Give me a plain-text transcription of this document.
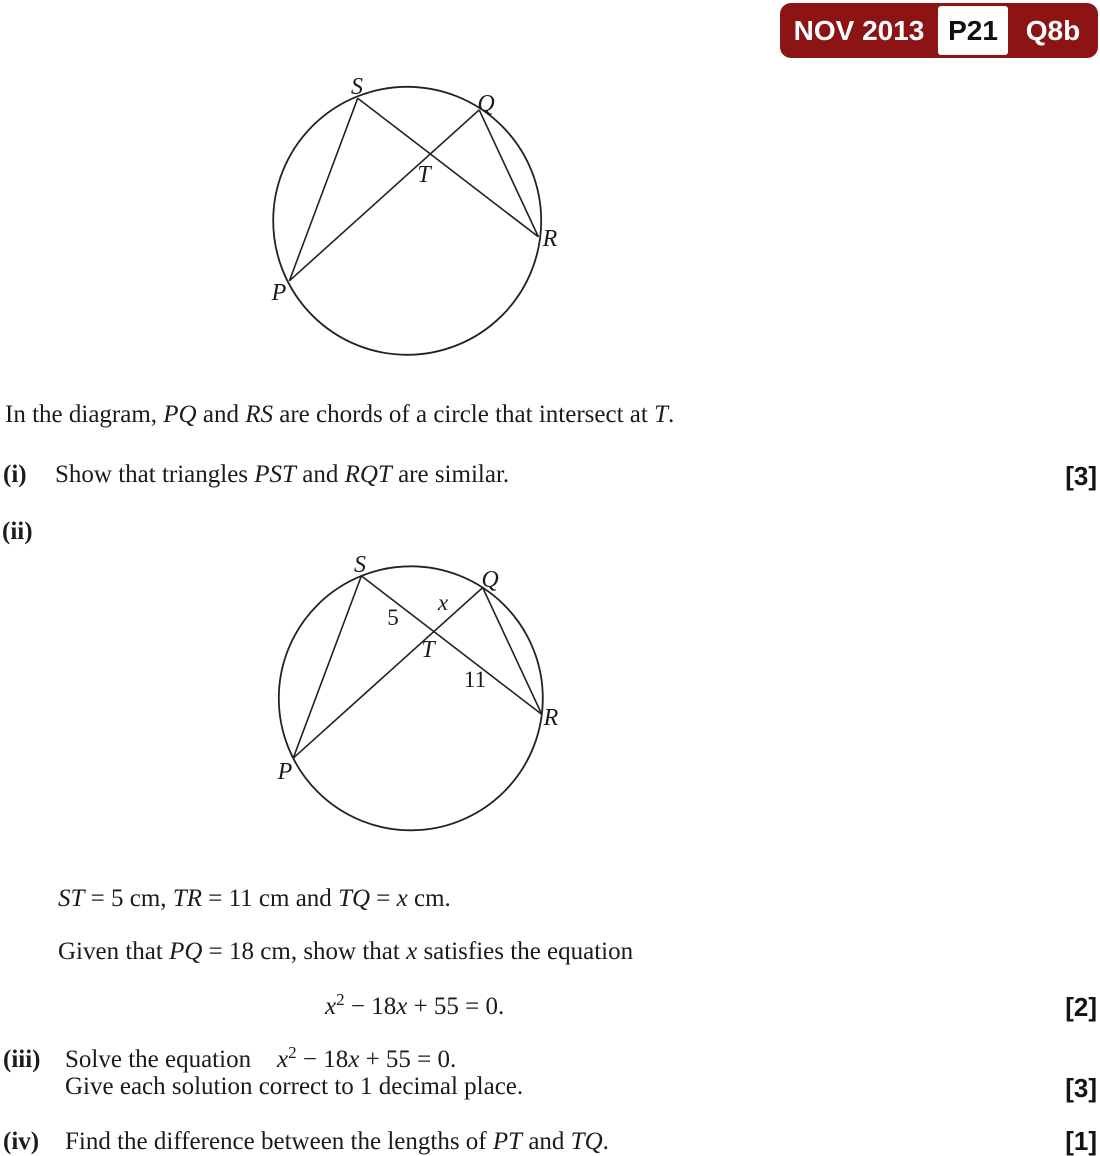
NOV 2013 P21 Q8b
S
Q
T
R
P
S
Q
x
5
T
11
R
P
In the diagram, PQ and RS are chords of a circle that intersect at T.
(i) Show that triangles PST and RQT are similar.	[3]
(ii)
ST = 5 cm, TR = 11 cm and TQ = x cm.
Given that PQ = 18 cm, show that x satisfies the equation
$x^2 - 18x + 55 = 0$.	[2]
(iii) Solve the equation $x^2 - 18x + 55 = 0$.
Give each solution correct to 1 decimal place.	[3]
(iv) Find the difference between the lengths of PT and TQ.	[1]
